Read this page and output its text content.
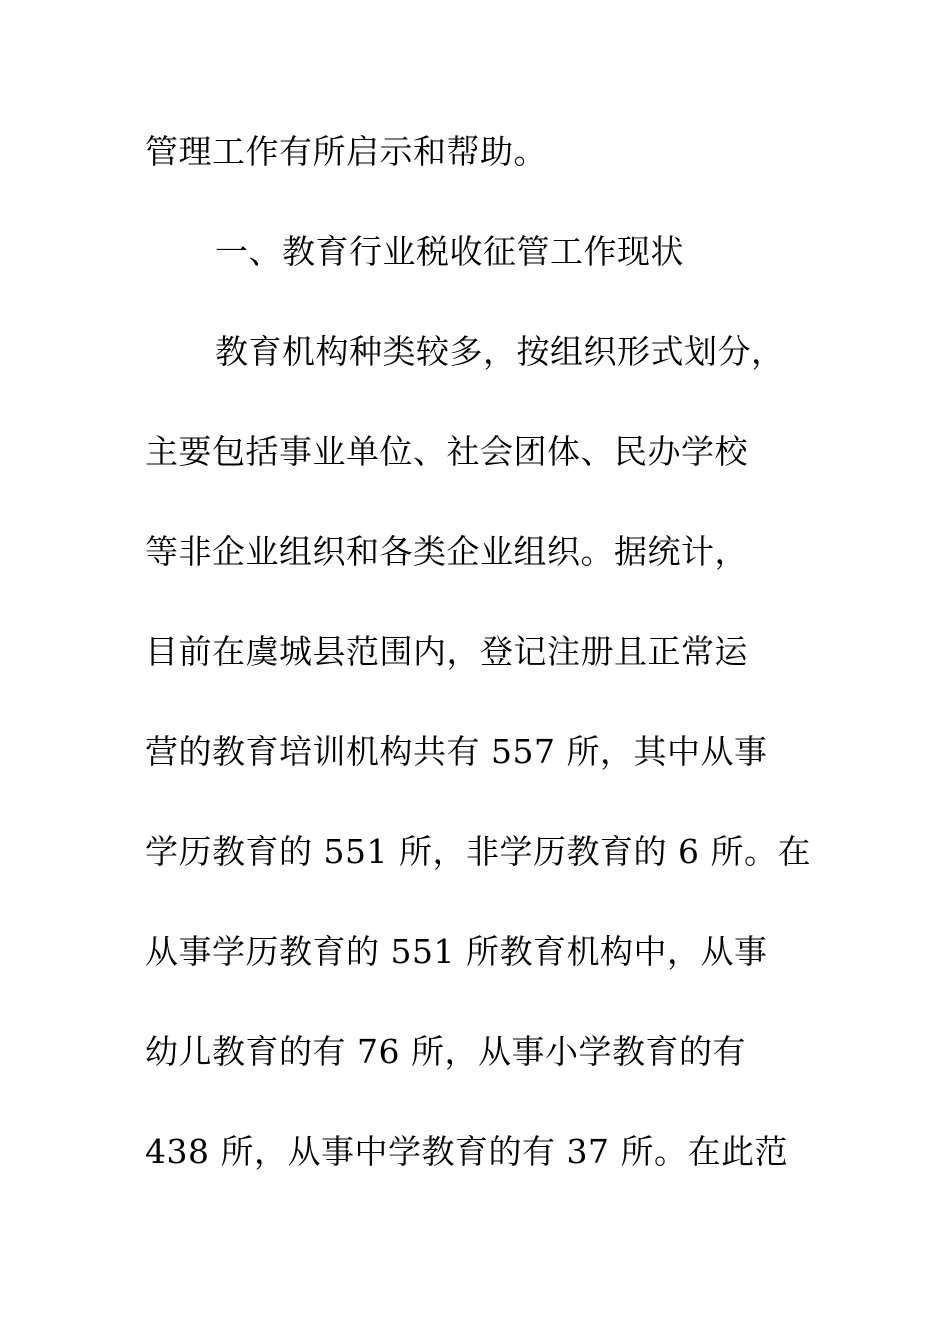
管理工作有所启示和帮助。
一、教育行业税收征管工作现状
教育机构种类较多，按组织形式划分，
主要包括事业单位、社会团体、民办学校
等非企业组织和各类企业组织。据统计，
目前在虞城县范围内，登记注册且正常运
营的教育培训机构共有 557 所，其中从事
学历教育的 551 所，非学历教育的 6 所。在
从事学历教育的 551 所教育机构中，从事
幼儿教育的有 76 所，从事小学教育的有
438 所，从事中学教育的有 37 所。在此范
